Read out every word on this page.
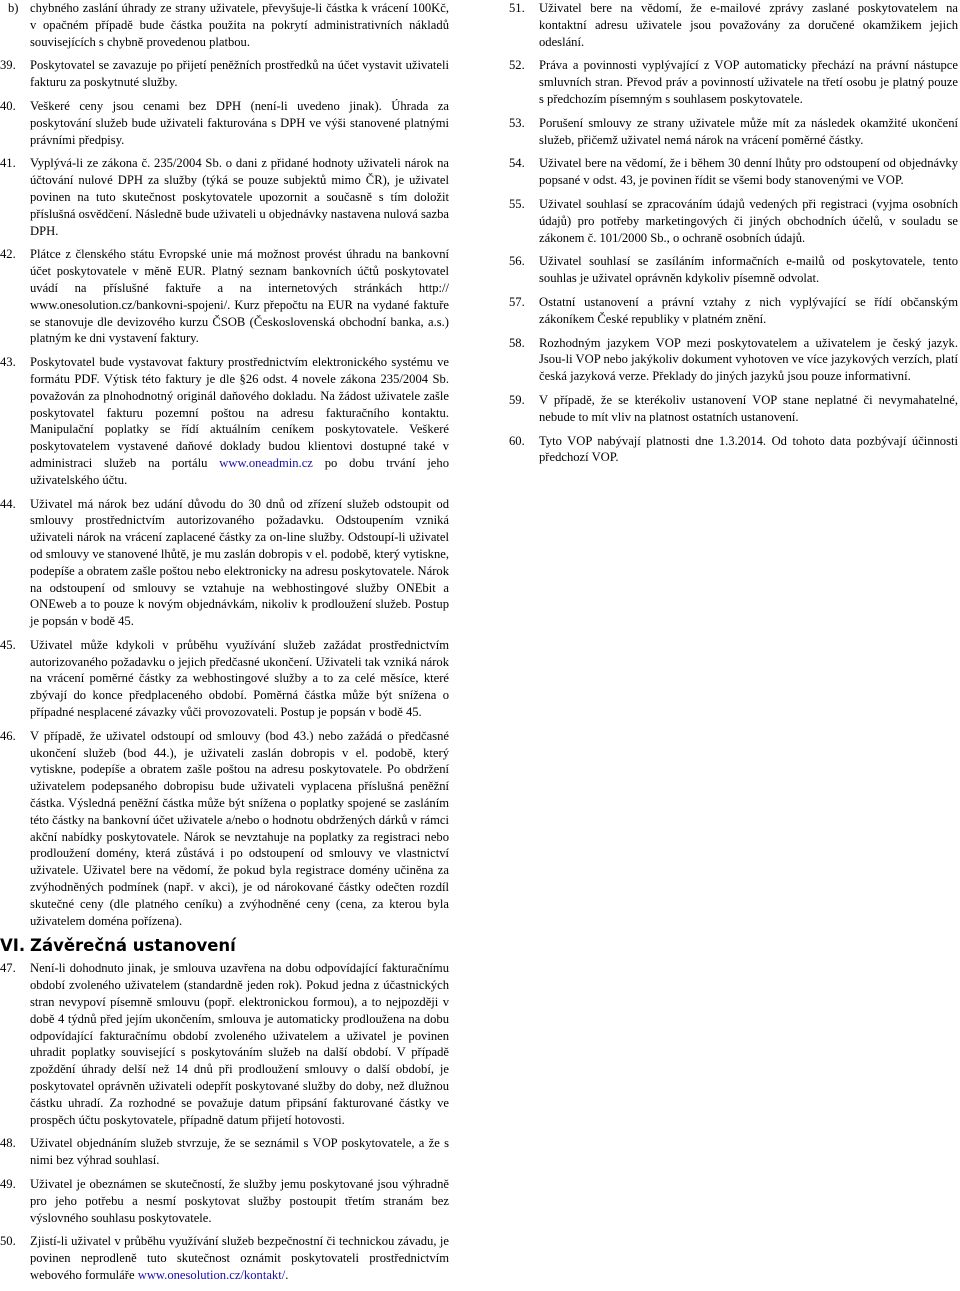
b) chybného zaslání úhrady ze strany uživatele, převyšuje-li částka k vrácení 100Kč, v opačném případě bude částka použita na pokrytí administrativních nákladů souvisejících s chybně provedenou platbou.
39.	Poskytovatel se zavazuje po přijetí peněžních prostředků na účet vystavit uživateli fakturu za poskytnuté služby.
40.	Veškeré ceny jsou cenami bez DPH (není-li uvedeno jinak). Úhrada za poskytování služeb bude uživateli fakturována s DPH ve výši stanovené platnými právními předpisy.
41.	Vyplývá-li ze zákona č. 235/2004 Sb. o dani z přidané hodnoty uživateli nárok na účtování nulové DPH za služby (týká se pouze subjektů mimo ČR), je uživatel povinen na tuto skutečnost poskytovatele upozornit a současně s tím doložit příslušná osvědčení. Následně bude uživateli u objednávky nastavena nulová sazba DPH.
42.	Plátce z členského státu Evropské unie má možnost provést úhradu na bankovní účet poskytovatele v měně EUR. Platný seznam bankovních účtů poskytovatel uvádí na příslušné faktuře a na internetových stránkách http:// www.onesolution.cz/bankovni-spojeni/. Kurz přepočtu na EUR na vydané faktuře se stanovuje dle devizového kurzu ČSOB (Československá obchodní banka, a.s.) platným ke dni vystavení faktury.
43.	Poskytovatel bude vystavovat faktury prostřednictvím elektronického systému ve formátu PDF. Výtisk této faktury je dle §26 odst. 4 novele zákona 235/2004 Sb. považován za plnohodnotný originál daňového dokladu. Na žádost uživatele zašle poskytovatel fakturu pozemní poštou na adresu fakturačního kontaktu. Manipulační poplatky se řídí aktuálním ceníkem poskytovatele. Veškeré poskytovatelem vystavené daňové doklady budou klientovi dostupné také v administraci služeb na portálu www.oneadmin.cz po dobu trvání jeho uživatelského účtu.
44.	Uživatel má nárok bez udání důvodu do 30 dnů od zřízení služeb odstoupit od smlouvy prostřednictvím autorizovaného požadavku. Odstoupením vzniká uživateli nárok na vrácení zaplacené částky za on-line služby. Odstoupí-li uživatel od smlouvy ve stanovené lhůtě, je mu zaslán dobropis v el. podobě, který vytiskne, podepíše a obratem zašle poštou nebo elektronicky na adresu poskytovatele. Nárok na odstoupení od smlouvy se vztahuje na webhostingové služby ONEbit a ONEweb a to pouze k novým objednávkám, nikoliv k prodloužení služeb. Postup je popsán v bodě 45.
45.	Uživatel může kdykoli v průběhu využívání služeb zažádat prostřednictvím autorizovaného požadavku o jejich předčasné ukončení. Uživateli tak vzniká nárok na vrácení poměrné částky za webhostingové služby a to za celé měsíce, které zbývají do konce předplaceného období. Poměrná částka může být snížena o případné nesplacené závazky vůči provozovateli. Postup je popsán v bodě 45.
46.	V případě, že uživatel odstoupí od smlouvy (bod 43.) nebo zažádá o předčasné ukončení služeb (bod 44.), je uživateli zaslán dobropis v el. podobě, který vytiskne, podepíše a obratem zašle poštou na adresu poskytovatele. Po obdržení uživatelem podepsaného dobropisu bude uživateli vyplacena příslušná peněžní částka. Výsledná peněžní částka může být snížena o poplatky spojené se zasláním této částky na bankovní účet uživatele a/nebo o hodnotu obdržených dárků v rámci akční nabídky poskytovatele. Nárok se nevztahuje na poplatky za registraci nebo prodloužení domény, která zůstává i po odstoupení od smlouvy ve vlastnictví uživatele. Uživatel bere na vědomí, že pokud byla registrace domény učiněna za zvýhodněných podmínek (např. v akci), je od nárokované částky odečten rozdíl skutečné ceny (dle platného ceníku) a zvýhodněné ceny (cena, za kterou byla uživatelem doména pořízena).
VI. Závěrečná ustanovení
47.	Není-li dohodnuto jinak, je smlouva uzavřena na dobu odpovídající fakturačnímu období zvoleného uživatelem (standardně jeden rok). Pokud jedna z účastnických stran nevypoví písemně smlouvu (popř. elektronickou formou), a to nejpozději v době 4 týdnů před jejím ukončením, smlouva je automaticky prodloužena na dobu odpovídající fakturačnímu období zvoleného uživatelem a uživatel je povinen uhradit poplatky související s poskytováním služeb na další období. V případě zpoždění úhrady delší než 14 dnů při prodloužení smlouvy o další období, je poskytovatel oprávněn uživateli odepřít poskytované služby do doby, než dlužnou částku uhradí. Za rozhodné se považuje datum připsání fakturované částky ve prospěch účtu poskytovatele, případně datum přijetí hotovosti.
48.	Uživatel objednáním služeb stvrzuje, že se seznámil s VOP poskytovatele, a že s nimi bez výhrad souhlasí.
49.	Uživatel je obeznámen se skutečností, že služby jemu poskytované jsou výhradně pro jeho potřebu a nesmí poskytovat služby postoupit třetím stranám bez výslovného souhlasu poskytovatele.
50.	Zjistí-li uživatel v průběhu využívání služeb bezpečnostní či technickou závadu, je povinen neprodleně tuto skutečnost oznámit poskytovateli prostřednictvím webového formuláře www.onesolution.cz/kontakt/.
51.	Uživatel bere na vědomí, že e-mailové zprávy zaslané poskytovatelem na kontaktní adresu uživatele jsou považovány za doručené okamžikem jejich odeslání.
52.	Práva a povinnosti vyplývající z VOP automaticky přechází na právní nástupce smluvních stran. Převod práv a povinností uživatele na třetí osobu je platný pouze s předchozím písemným s souhlasem poskytovatele.
53.	Porušení smlouvy ze strany uživatele může mít za následek okamžité ukončení služeb, přičemž uživatel nemá nárok na vrácení poměrné částky.
54.	Uživatel bere na vědomí, že i během 30 denní lhůty pro odstoupení od objednávky popsané v odst. 43, je povinen řídit se všemi body stanovenými ve VOP.
55.	Uživatel souhlasí se zpracováním údajů vedených při registraci (vyjma osobních údajů) pro potřeby marketingových či jiných obchodních účelů, v souladu se zákonem č. 101/2000 Sb., o ochraně osobních údajů.
56.	Uživatel souhlasí se zasíláním informačních e-mailů od poskytovatele, tento souhlas je uživatel oprávněn kdykoliv písemně odvolat.
57.	Ostatní ustanovení a právní vztahy z nich vyplývající se řídí občanským zákoníkem České republiky v platném znění.
58.	Rozhodným jazykem VOP mezi poskytovatelem a uživatelem je český jazyk. Jsou-li VOP nebo jakýkoliv dokument vyhotoven ve více jazykových verzích, platí česká jazyková verze. Překlady do jiných jazyků jsou pouze informativní.
59.	V případě, že se kterékoliv ustanovení VOP stane neplatné či nevymahatelné, nebude to mít vliv na platnost ostatních ustanovení.
60.	Tyto VOP nabývají platnosti dne 1.3.2014. Od tohoto data pozbývají účinnosti předchozí VOP.
